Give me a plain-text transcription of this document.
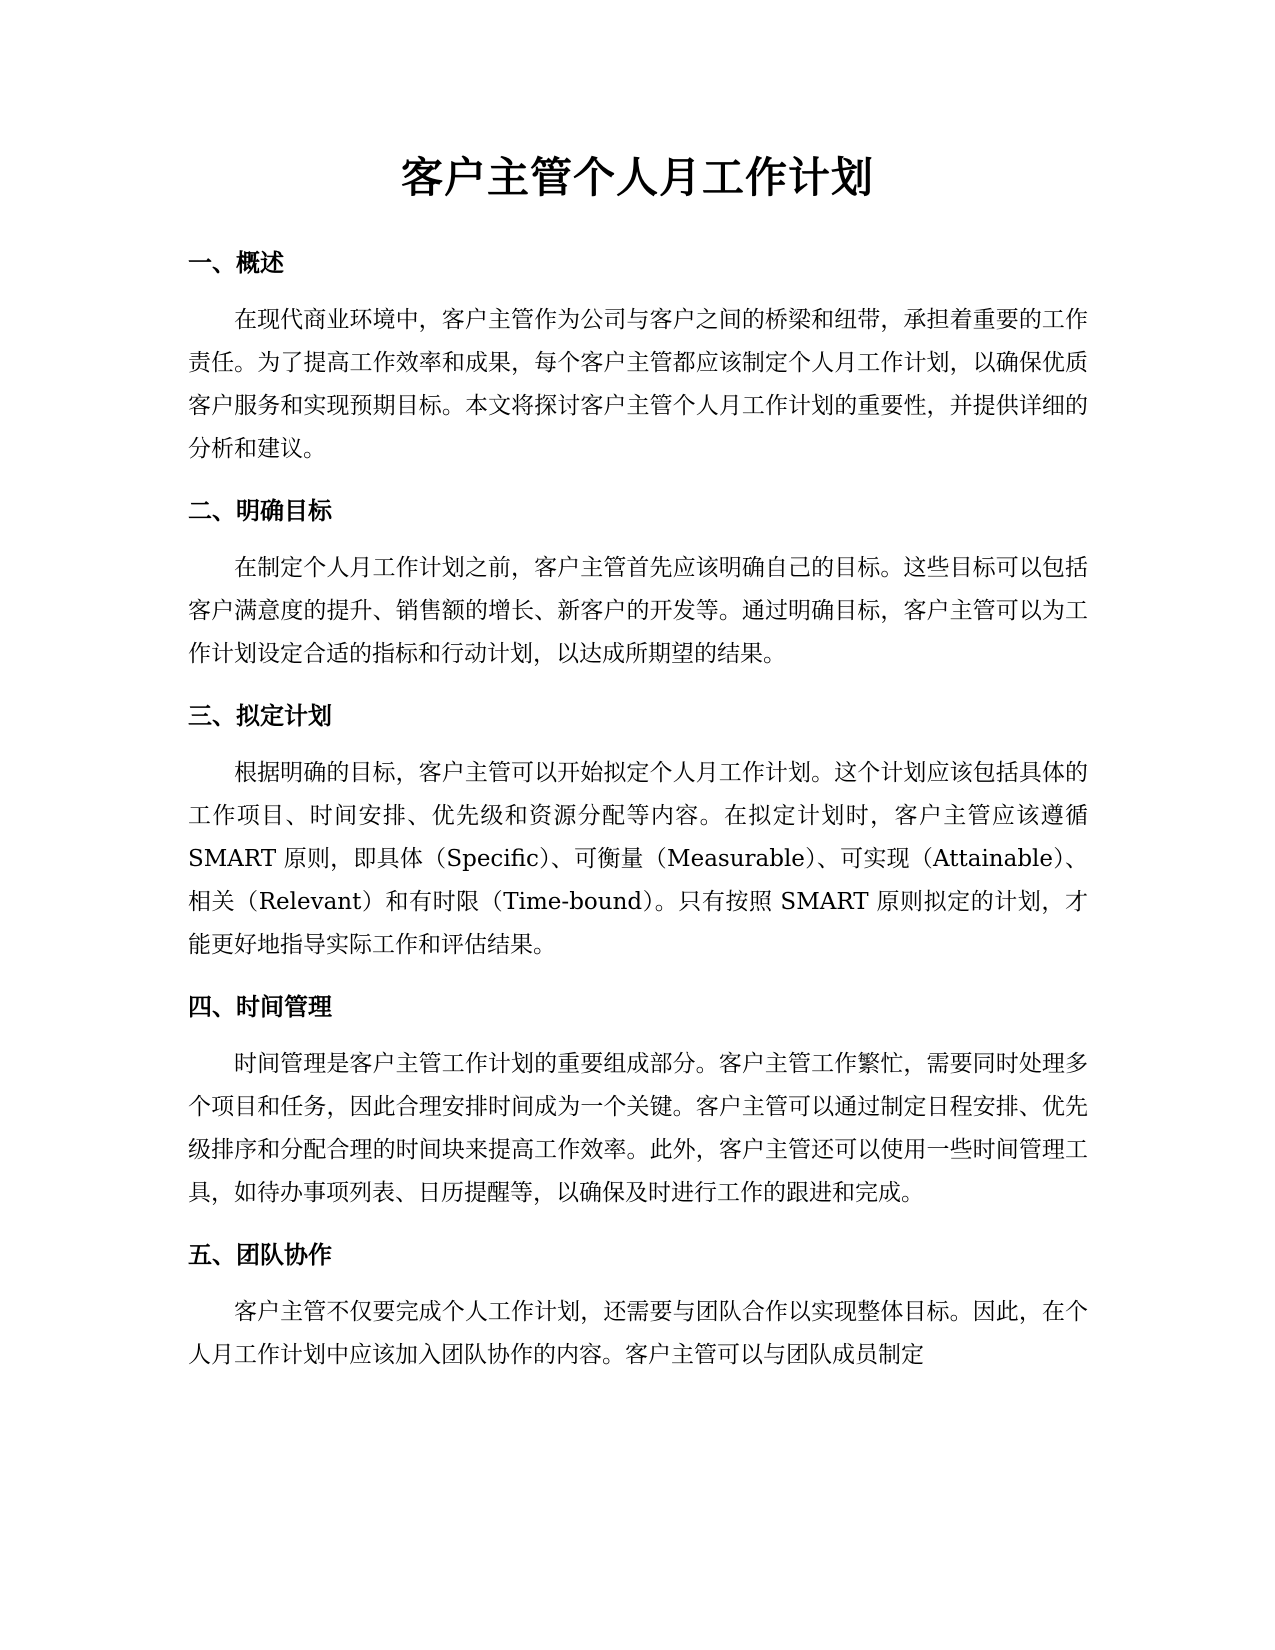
客户主管个人月工作计划
一、概述

在现代商业环境中，客户主管作为公司与客户之间的桥梁和纽带，承担着重要的工作责任。为了提高工作效率和成果，每个客户主管都应该制定个人月工作计划，以确保优质客户服务和实现预期目标。本文将探讨客户主管个人月工作计划的重要性，并提供详细的分析和建议。

二、明确目标

在制定个人月工作计划之前，客户主管首先应该明确自己的目标。这些目标可以包括客户满意度的提升、销售额的增长、新客户的开发等。通过明确目标，客户主管可以为工作计划设定合适的指标和行动计划，以达成所期望的结果。

三、拟定计划

根据明确的目标，客户主管可以开始拟定个人月工作计划。这个计划应该包括具体的工作项目、时间安排、优先级和资源分配等内容。在拟定计划时，客户主管应该遵循 SMART 原则，即具体（Specific）、可衡量（Measurable）、可实现（Attainable）、相关（Relevant）和有时限（Time-bound）。只有按照 SMART 原则拟定的计划，才能更好地指导实际工作和评估结果。

四、时间管理

时间管理是客户主管工作计划的重要组成部分。客户主管工作繁忙，需要同时处理多个项目和任务，因此合理安排时间成为一个关键。客户主管可以通过制定日程安排、优先级排序和分配合理的时间块来提高工作效率。此外，客户主管还可以使用一些时间管理工具，如待办事项列表、日历提醒等，以确保及时进行工作的跟进和完成。

五、团队协作

客户主管不仅要完成个人工作计划，还需要与团队合作以实现整体目标。因此，在个人月工作计划中应该加入团队协作的内容。客户主管可以与团队成员制定
